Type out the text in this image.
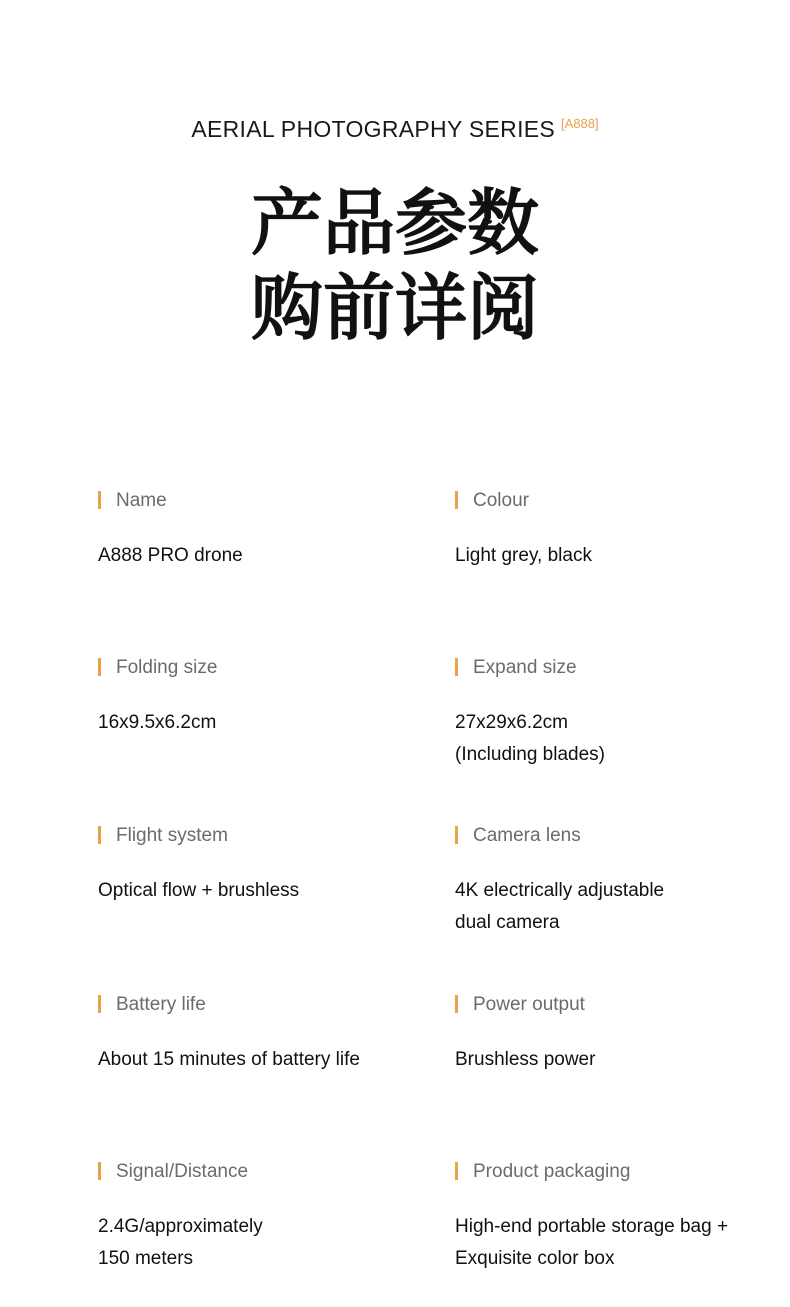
AERIAL PHOTOGRAPHY SERIES [A888]
产品参数
购前详阅
Name
A888 PRO drone
Colour
Light grey, black
Folding size
16x9.5x6.2cm
Expand size
27x29x6.2cm
(Including blades)
Flight system
Optical flow + brushless
Camera lens
4K electrically adjustable
dual camera
Battery life
About 15 minutes of battery life
Power output
Brushless power
Signal/Distance
2.4G/approximately
150 meters
Product packaging
High-end portable storage bag +
Exquisite color box
